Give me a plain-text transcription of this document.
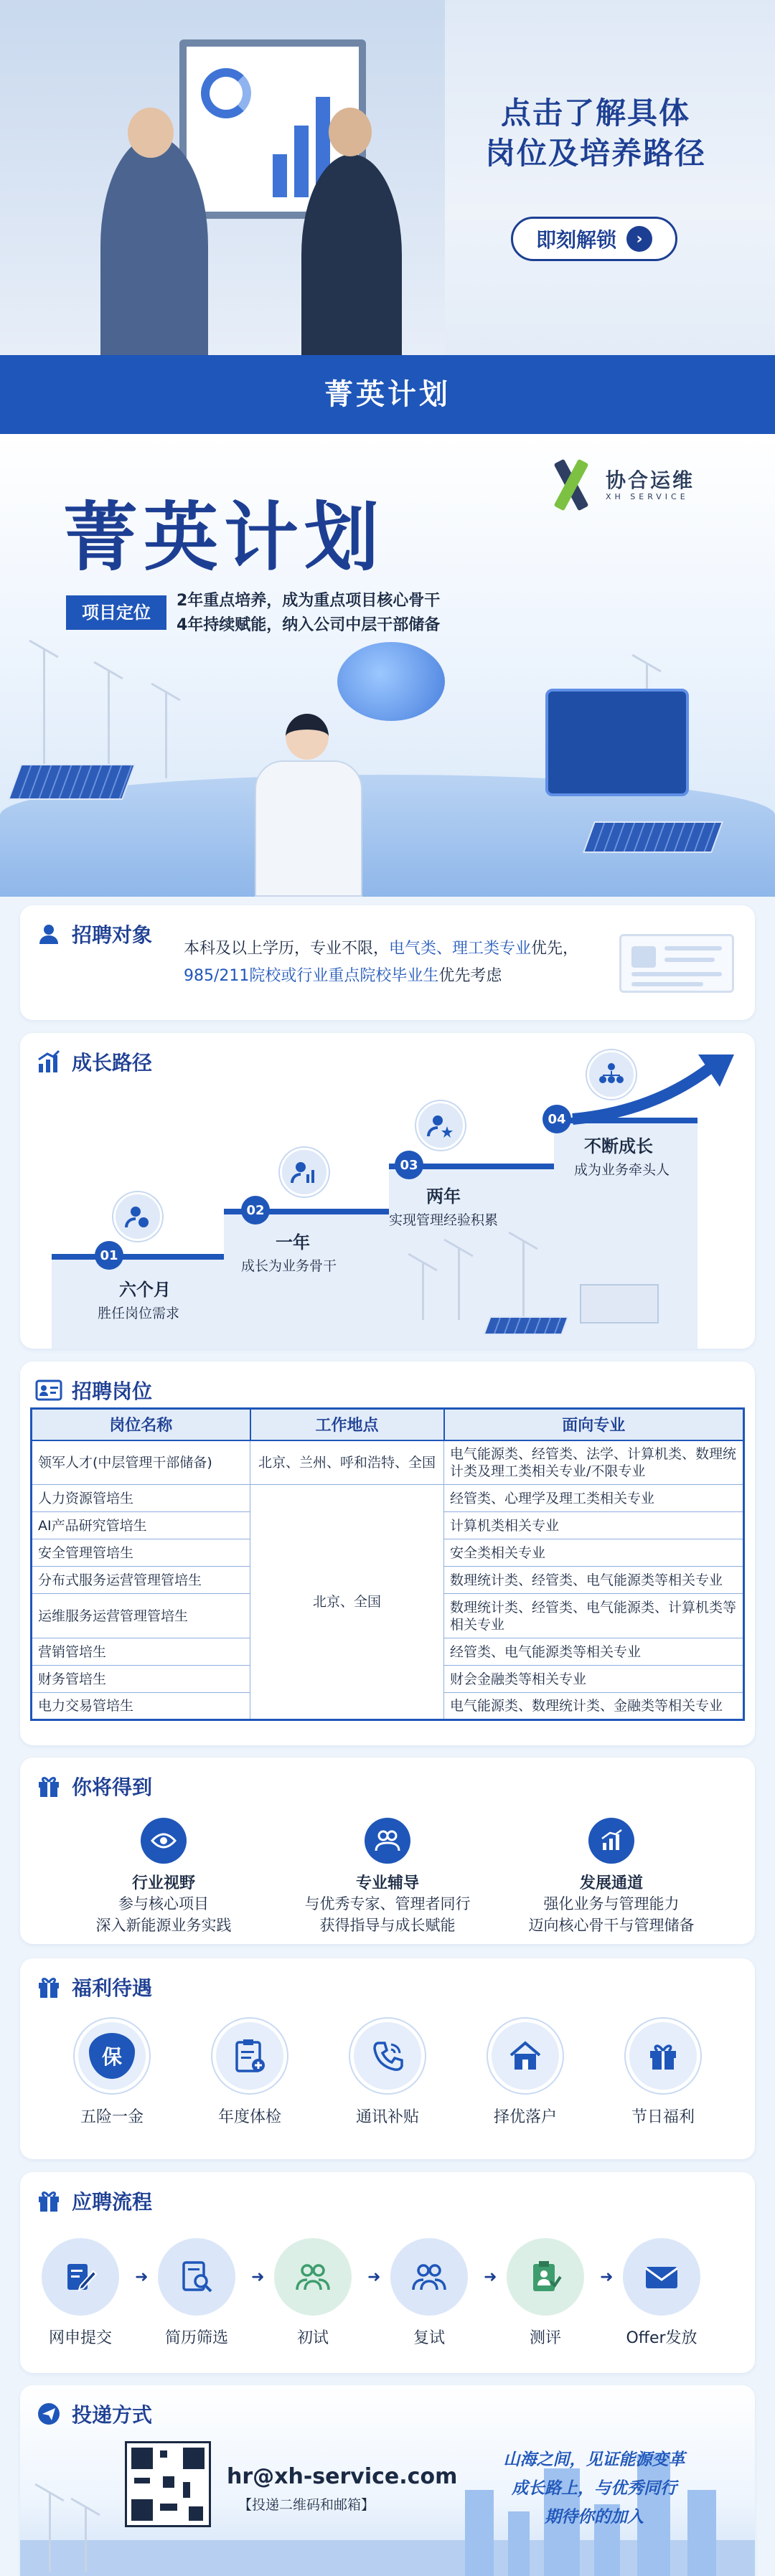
点击了解具体
岗位及培养路径
即刻解锁	›
菁英计划
菁英计划
协合运维
XH SERVICE
项目定位
2年重点培养，成为重点项目核心骨干
4年持续赋能，纳入公司中层干部储备
招聘对象
本科及以上学历，专业不限，电气类、理工类专业优先，985/211院校或行业重点院校毕业生优先考虑
成长路径
01
六个月
胜任岗位需求
02
一年
成长为业务骨干
03
两年
实现管理经验积累
04
不断成长
成为业务牵头人
招聘岗位
岗位名称	工作地点	面向专业
领军人才(中层管理干部储备)	北京、兰州、呼和浩特、全国	电气能源类、经管类、法学、计算机类、数理统计类及理工类相关专业/不限专业
人力资源管培生	北京、全国	经管类、心理学及理工类相关专业
AI产品研究管培生		计算机类相关专业
安全管理管培生		安全类相关专业
分布式服务运营管理管培生		数理统计类、经管类、电气能源类等相关专业
运维服务运营管理管培生		数理统计类、经管类、电气能源类、计算机类等相关专业
营销管培生		经管类、电气能源类等相关专业
财务管培生		财会金融类等相关专业
电力交易管培生		电气能源类、数理统计类、金融类等相关专业
你将得到
行业视野
参与核心项目
深入新能源业务实践
专业辅导
与优秀专家、管理者同行
获得指导与成长赋能
发展通道
强化业务与管理能力
迈向核心骨干与管理储备
福利待遇
保
五险一金	年度体检	通讯补贴	择优落户	节日福利
应聘流程
网申提交
➜
简历筛选
➜
初试
➜
复试
➜
测评
➜
Offer发放
投递方式
hr@xh-service.com
【投递二维码和邮箱】
山海之间，见证能源变革
成长路上，与优秀同行
期待你的加入
